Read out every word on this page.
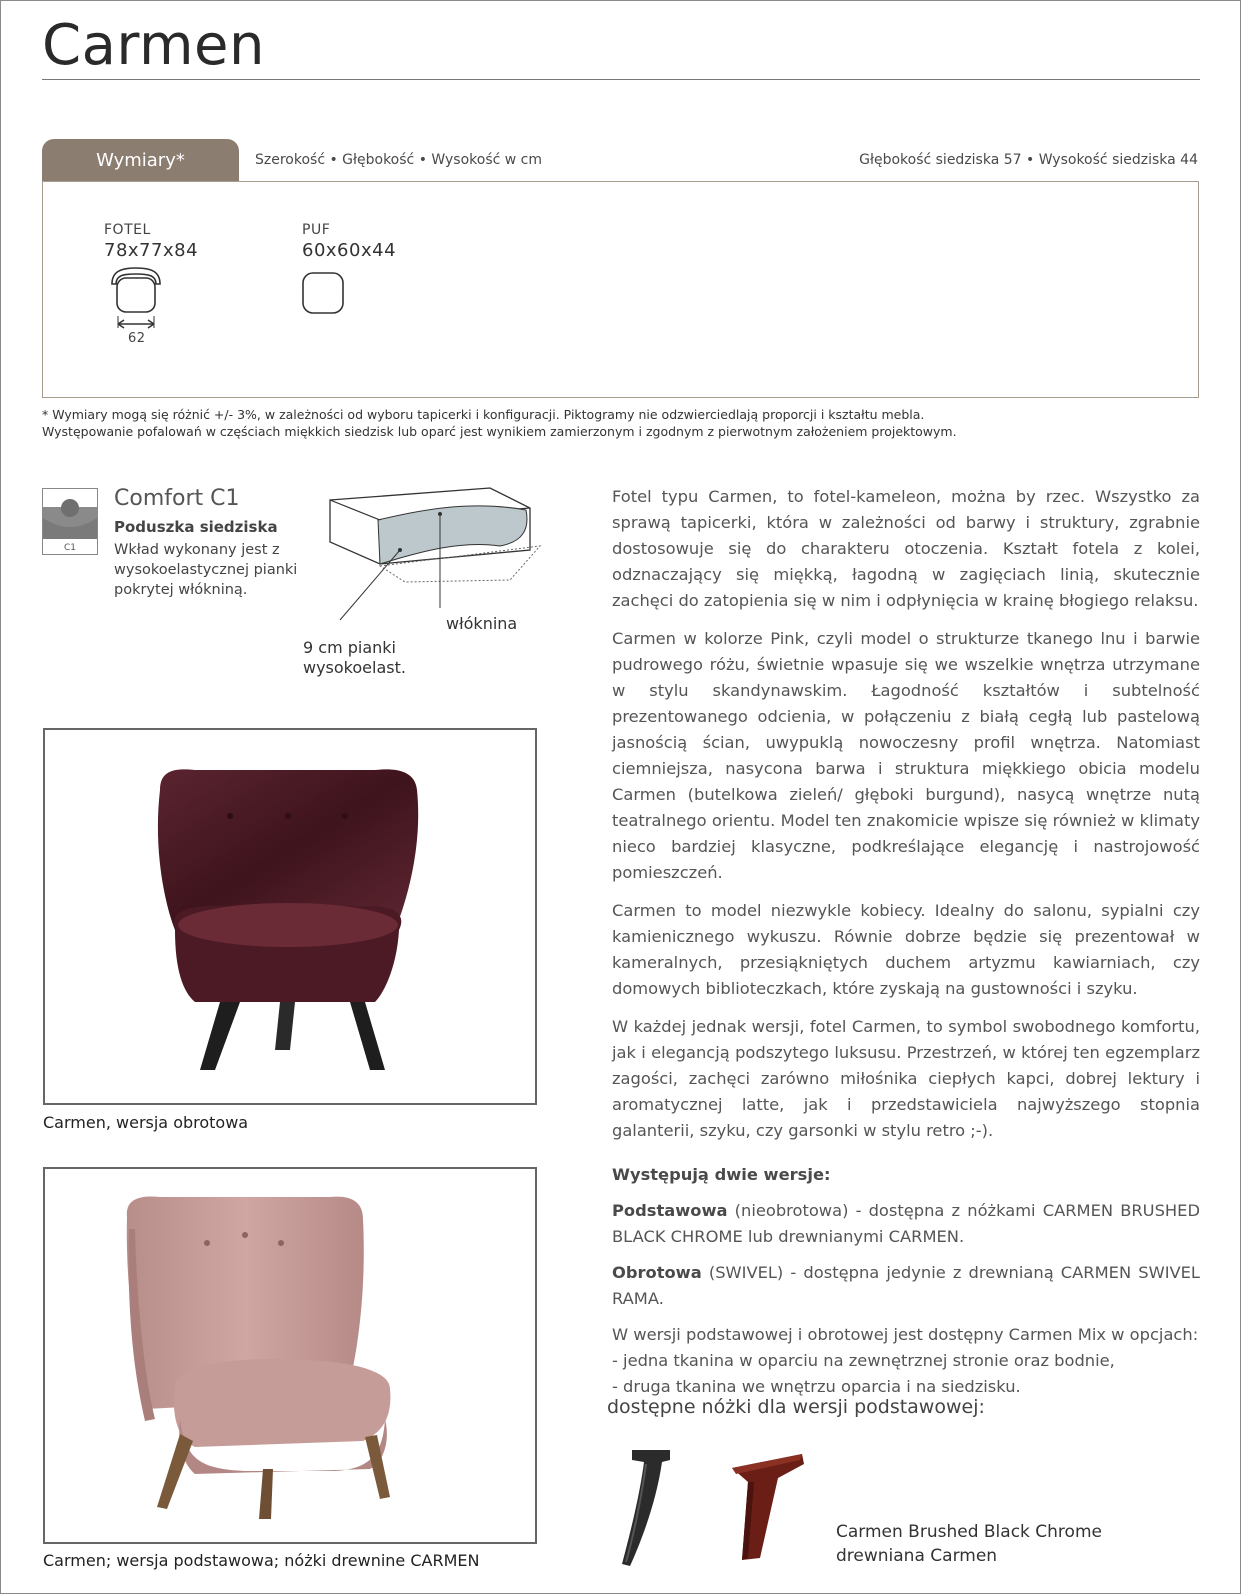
Carmen
Wymiary*	Szerokość • Głębokość • Wysokość w cm	Głębokość siedziska 57 • Wysokość siedziska 44
FOTEL
78x77x84
62
PUF
60x60x44
* Wymiary mogą się różnić +/- 3%, w zależności od wyboru tapicerki i konfiguracji. Piktogramy nie odzwierciedlają proporcji i kształtu mebla.
Występowanie pofalowań w częściach miękkich siedzisk lub oparć jest wynikiem zamierzonym i zgodnym z pierwotnym założeniem projektowym.
C1
Comfort C1
Poduszka siedziska
Wkład wykonany jest z wysokoelastycznej pianki pokrytej włókniną.
włóknina
9 cm pianki
wysokoelast.
Carmen, wersja obrotowa
Carmen; wersja podstawowa; nóżki drewnine CARMEN

Fotel typu Carmen, to fotel-kameleon, można by rzec. Wszystko za sprawą tapicerki, która w zależności od barwy i struktury, zgrabnie dostosowuje się do charakteru otoczenia. Kształt fotela z kolei, odznaczający się miękką, łagodną w zagięciach linią, skutecznie zachęci do zatopienia się w nim i odpłynięcia w krainę błogiego relaksu.

Carmen w kolorze Pink, czyli model o strukturze tkanego lnu i barwie pudrowego różu, świetnie wpasuje się we wszelkie wnętrza utrzymane w stylu skandynawskim. Łagodność kształtów i subtelność prezentowanego odcienia, w połączeniu z białą cegłą lub pastelową jasnością ścian, uwypuklą nowoczesny profil wnętrza. Natomiast ciemniejsza, nasycona barwa i struktura miękkiego obicia modelu Carmen (butelkowa zieleń/ głęboki burgund), nasycą wnętrze nutą teatralnego orientu. Model ten znakomicie wpisze się również w klimaty nieco bardziej klasyczne, podkreślające elegancję i nastrojowość pomieszczeń.

Carmen to model niezwykle kobiecy. Idealny do salonu, sypialni czy kamienicznego wykuszu. Równie dobrze będzie się prezentował w kameralnych, przesiąkniętych duchem artyzmu kawiarniach, czy domowych biblioteczkach, które zyskają na gustowności i szyku.

W każdej jednak wersji, fotel Carmen, to symbol swobodnego komfortu, jak i elegancją podszytego luksusu. Przestrzeń, w której ten egzemplarz zagości, zachęci zarówno miłośnika ciepłych kapci, dobrej lektury i aromatycznej latte, jak i przedstawiciela najwyższego stopnia galanterii, szyku, czy garsonki w stylu retro ;-).

Występują dwie wersje:

Podstawowa (nieobrotowa) - dostępna z nóżkami CARMEN BRUSHED BLACK CHROME lub drewnianymi CARMEN.

Obrotowa (SWIVEL) - dostępna jedynie z drewnianą CARMEN SWIVEL RAMA.

W wersji podstawowej i obrotowej jest dostępny Carmen Mix w opcjach:

- jedna tkanina w oparciu na zewnętrznej stronie oraz bodnie,

- druga tkanina we wnętrzu oparcia i na siedzisku.

dostępne nóżki dla wersji podstawowej:
Carmen Brushed Black Chrome
drewniana Carmen
